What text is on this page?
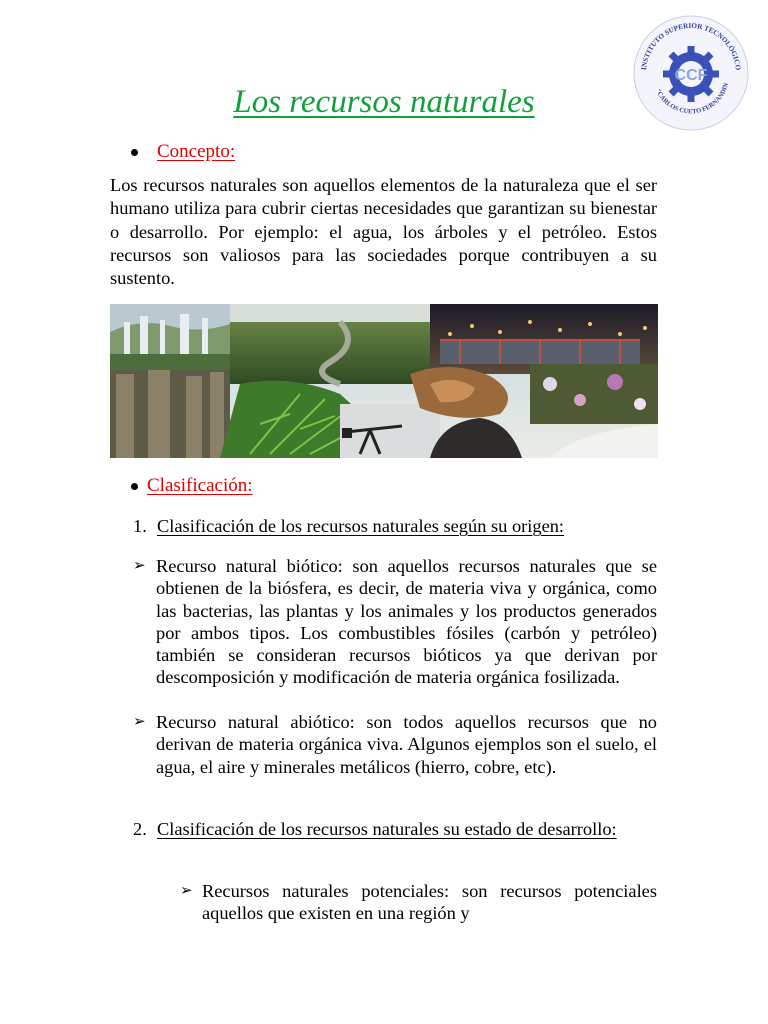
INSTITUTO SUPERIOR TECNOLÓGICO
"CARLOS CUETO FERNANDIN
CCF
Los recursos naturales
Concepto:

Los recursos naturales son aquellos elementos de la naturaleza que el ser humano utiliza para cubrir ciertas necesidades que garantizan su bienestar o desarrollo. Por ejemplo: el agua, los árboles y el petróleo. Estos recursos son valiosos para las sociedades porque contribuyen a su sustento.

Clasificación:
1. Clasificación de los recursos naturales según su origen:
➢ Recurso natural biótico: son aquellos recursos naturales que se obtienen de la biósfera, es decir, de materia viva y orgánica, como las bacterias, las plantas y los animales y los productos generados por ambos tipos. Los combustibles fósiles (carbón y petróleo) también se consideran recursos bióticos ya que derivan por descomposición y modificación de materia orgánica fosilizada.

➢ Recurso natural abiótico: son todos aquellos recursos que no derivan de materia orgánica viva. Algunos ejemplos son el suelo, el agua, el aire y minerales metálicos (hierro, cobre, etc).

2. Clasificación de los recursos naturales su estado de desarrollo:
➢ Recursos naturales potenciales: son recursos potenciales aquellos que existen en una región y
